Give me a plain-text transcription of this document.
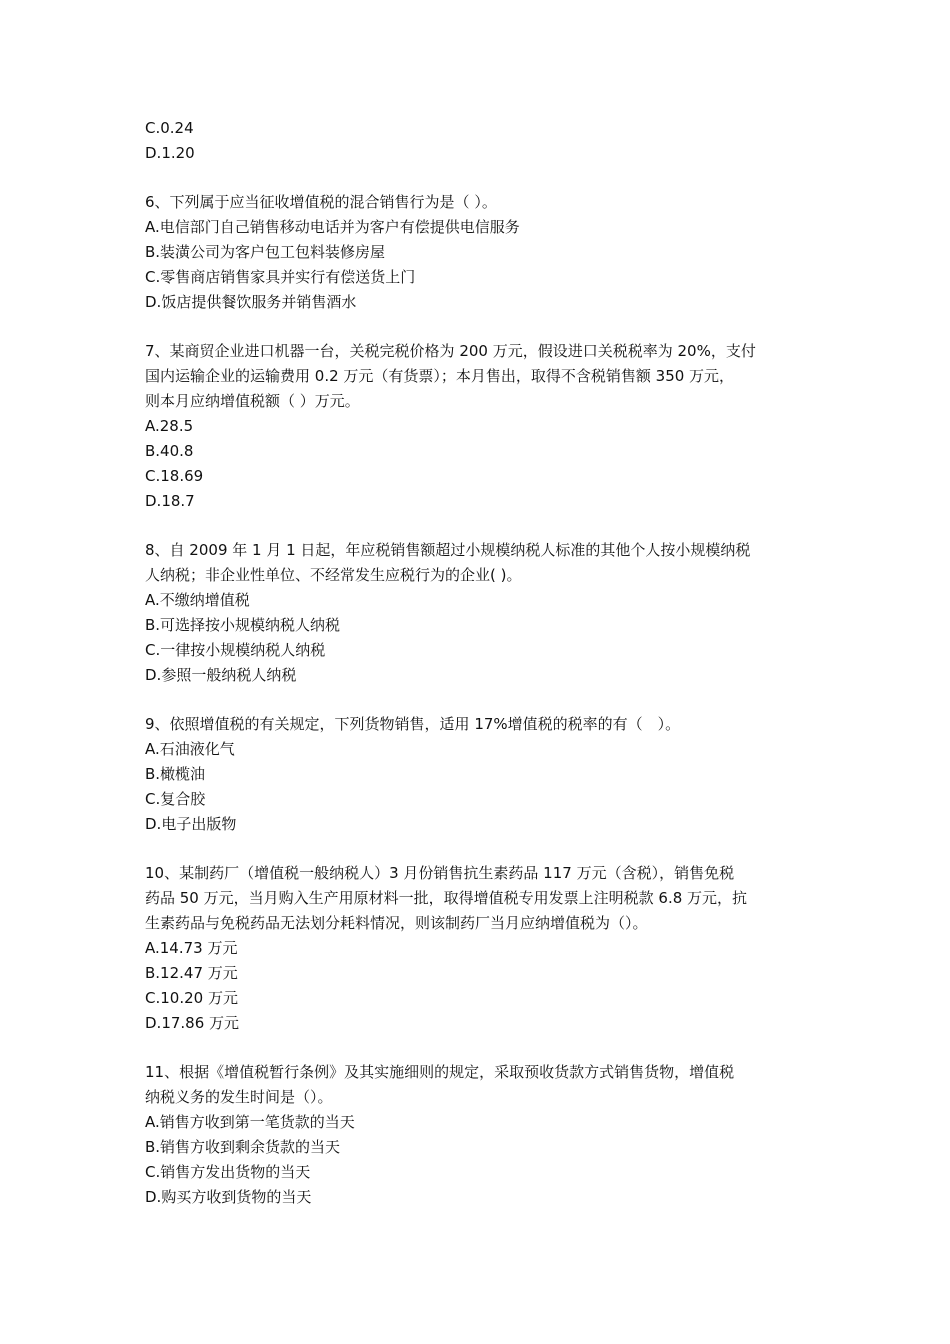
C.0.24
D.1.20
6、下列属于应当征收增值税的混合销售行为是（ ）。
A.电信部门自己销售移动电话并为客户有偿提供电信服务
B.装潢公司为客户包工包料装修房屋
C.零售商店销售家具并实行有偿送货上门
D.饭店提供餐饮服务并销售酒水
7、某商贸企业进口机器一台，关税完税价格为 200 万元，假设进口关税税率为 20%，支付
国内运输企业的运输费用 0.2 万元（有货票）；本月售出，取得不含税销售额 350 万元，
则本月应纳增值税额（ ）万元。
A.28.5
B.40.8
C.18.69
D.18.7
8、自 2009 年 1 月 1 日起，年应税销售额超过小规模纳税人标准的其他个人按小规模纳税
人纳税；非企业性单位、不经常发生应税行为的企业( )。
A.不缴纳增值税
B.可选择按小规模纳税人纳税
C.一律按小规模纳税人纳税
D.参照一般纳税人纳税
9、依照增值税的有关规定，下列货物销售，适用 17%增值税的税率的有（　）。
A.石油液化气
B.橄榄油
C.复合胶
D.电子出版物
10、某制药厂（增值税一般纳税人）3 月份销售抗生素药品 117 万元（含税），销售免税
药品 50 万元，当月购入生产用原材料一批，取得增值税专用发票上注明税款 6.8 万元，抗
生素药品与免税药品无法划分耗料情况，则该制药厂当月应纳增值税为（）。
A.14.73 万元
B.12.47 万元
C.10.20 万元
D.17.86 万元
11、根据《增值税暂行条例》及其实施细则的规定，采取预收货款方式销售货物，增值税
纳税义务的发生时间是（）。
A.销售方收到第一笔货款的当天
B.销售方收到剩余货款的当天
C.销售方发出货物的当天
D.购买方收到货物的当天
